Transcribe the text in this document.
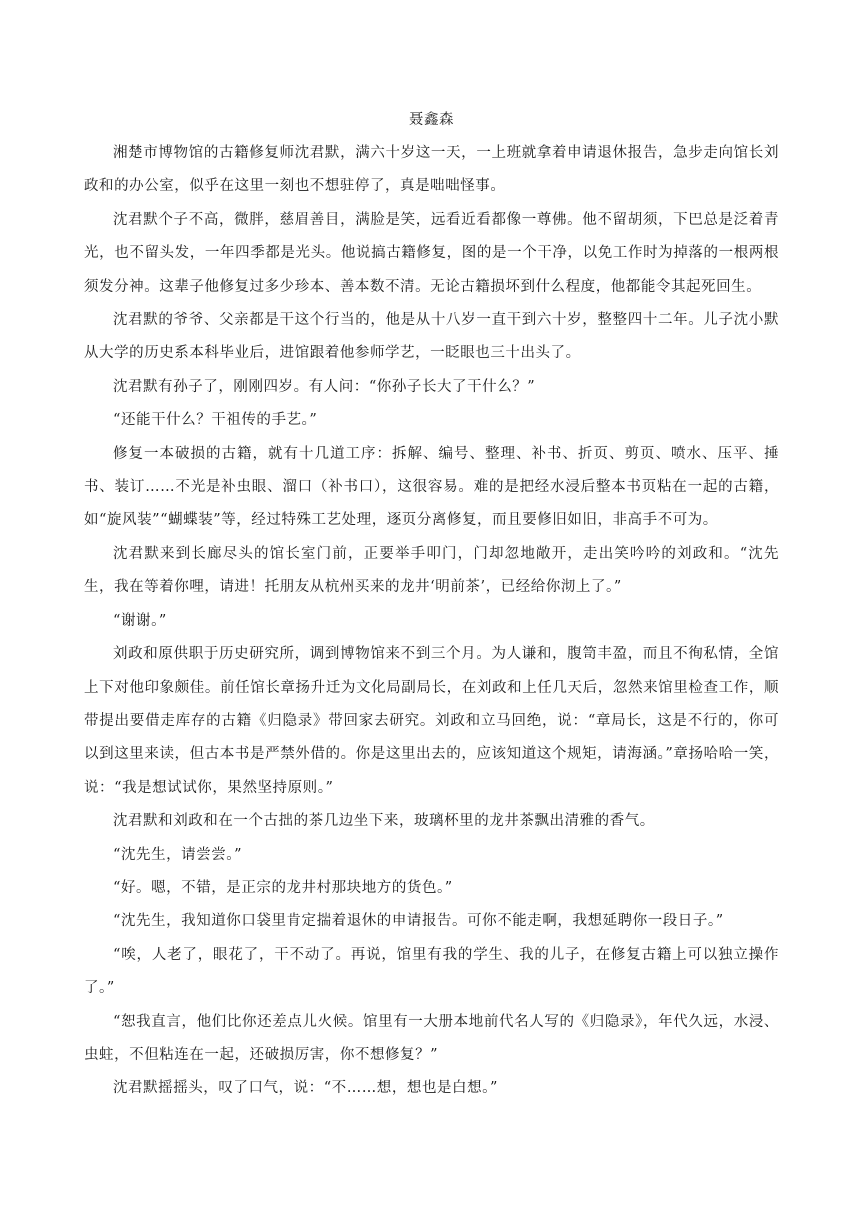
聂鑫森

湘楚市博物馆的古籍修复师沈君默，满六十岁这一天，一上班就拿着申请退休报告，急步走向馆长刘政和的办公室，似乎在这里一刻也不想驻停了，真是咄咄怪事。

沈君默个子不高，微胖，慈眉善目，满脸是笑，远看近看都像一尊佛。他不留胡须，下巴总是泛着青光，也不留头发，一年四季都是光头。他说搞古籍修复，图的是一个干净，以免工作时为掉落的一根两根须发分神。这辈子他修复过多少珍本、善本数不清。无论古籍损坏到什么程度，他都能令其起死回生。

沈君默的爷爷、父亲都是干这个行当的，他是从十八岁一直干到六十岁，整整四十二年。儿子沈小默从大学的历史系本科毕业后，进馆跟着他参师学艺，一眨眼也三十出头了。

沈君默有孙子了，刚刚四岁。有人问：“你孙子长大了干什么？”

“还能干什么？干祖传的手艺。”

修复一本破损的古籍，就有十几道工序：拆解、编号、整理、补书、折页、剪页、喷水、压平、捶书、装订……不光是补虫眼、溜口（补书口），这很容易。难的是把经水浸后整本书页粘在一起的古籍，如“旋风装”“蝴蝶装”等，经过特殊工艺处理，逐页分离修复，而且要修旧如旧，非高手不可为。

沈君默来到长廊尽头的馆长室门前，正要举手叩门，门却忽地敞开，走出笑吟吟的刘政和。“沈先生，我在等着你哩，请进！托朋友从杭州买来的龙井‘明前茶’，已经给你沏上了。”

“谢谢。”

刘政和原供职于历史研究所，调到博物馆来不到三个月。为人谦和，腹笥丰盈，而且不徇私情，全馆上下对他印象颇佳。前任馆长章扬升迁为文化局副局长，在刘政和上任几天后，忽然来馆里检查工作，顺带提出要借走库存的古籍《归隐录》带回家去研究。刘政和立马回绝，说：“章局长，这是不行的，你可以到这里来读，但古本书是严禁外借的。你是这里出去的，应该知道这个规矩，请海涵。”章扬哈哈一笑，说：“我是想试试你，果然坚持原则。”

沈君默和刘政和在一个古拙的茶几边坐下来，玻璃杯里的龙井茶飘出清雅的香气。

“沈先生，请尝尝。”

“好。嗯，不错，是正宗的龙井村那块地方的货色。”

“沈先生，我知道你口袋里肯定揣着退休的申请报告。可你不能走啊，我想延聘你一段日子。”

“唉，人老了，眼花了，干不动了。再说，馆里有我的学生、我的儿子，在修复古籍上可以独立操作了。”

“恕我直言，他们比你还差点儿火候。馆里有一大册本地前代名人写的《归隐录》，年代久远，水浸、虫蛀，不但粘连在一起，还破损厉害，你不想修复？”

沈君默摇摇头，叹了口气，说：“不……想，想也是白想。”
